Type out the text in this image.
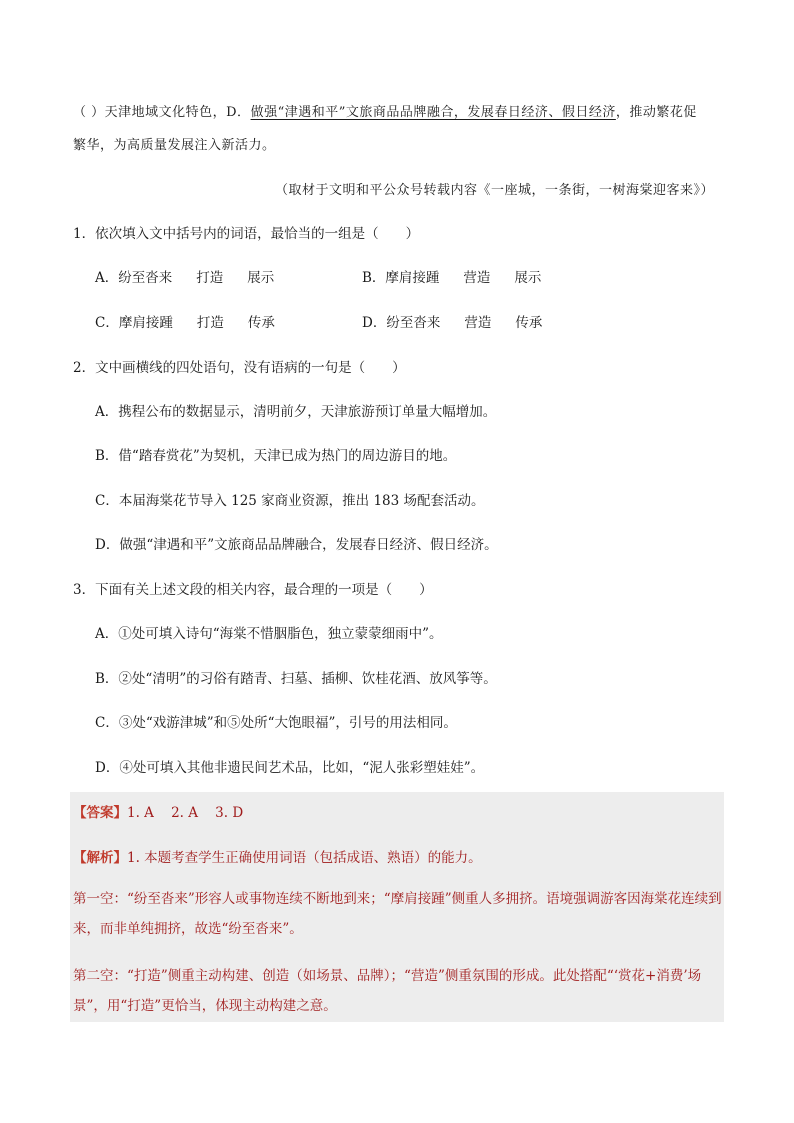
（ ）天津地域文化特色，D．做强“津遇和平”文旅商品品牌融合，发展春日经济、假日经济，推动繁花促
繁华，为高质量发展注入新活力。
（取材于文明和平公众号转载内容《一座城，一条街，一树海棠迎客来》）
1．依次填入文中括号内的词语，最恰当的一组是（　　）
A．纷至沓来 打造 展示	B．摩肩接踵 营造 展示
C．摩肩接踵 打造 传承	D．纷至沓来 营造 传承
2．文中画横线的四处语句，没有语病的一句是（　　）
A．携程公布的数据显示，清明前夕，天津旅游预订单量大幅增加。
B．借“踏春赏花”为契机，天津已成为热门的周边游目的地。
C．本届海棠花节导入 125 家商业资源，推出 183 场配套活动。
D．做强“津遇和平”文旅商品品牌融合，发展春日经济、假日经济。
3．下面有关上述文段的相关内容，最合理的一项是（　　）
A．①处可填入诗句“海棠不惜胭脂色，独立蒙蒙细雨中”。
B．②处“清明”的习俗有踏青、扫墓、插柳、饮桂花酒、放风筝等。
C．③处“戏游津城”和⑤处所“大饱眼福”，引号的用法相同。
D．④处可填入其他非遗民间艺术品，比如，“泥人张彩塑娃娃”。
【答案】1. A    2. A    3. D
【解析】1. 本题考查学生正确使用词语（包括成语、熟语）的能力。
第一空：“纷至沓来”形容人或事物连续不断地到来；“摩肩接踵”侧重人多拥挤。语境强调游客因海棠花连续到来，而非单纯拥挤，故选“纷至沓来”。
第二空：“打造”侧重主动构建、创造（如场景、品牌）；“营造”侧重氛围的形成。此处搭配“‘赏花+消费’场景”，用“打造”更恰当，体现主动构建之意。
